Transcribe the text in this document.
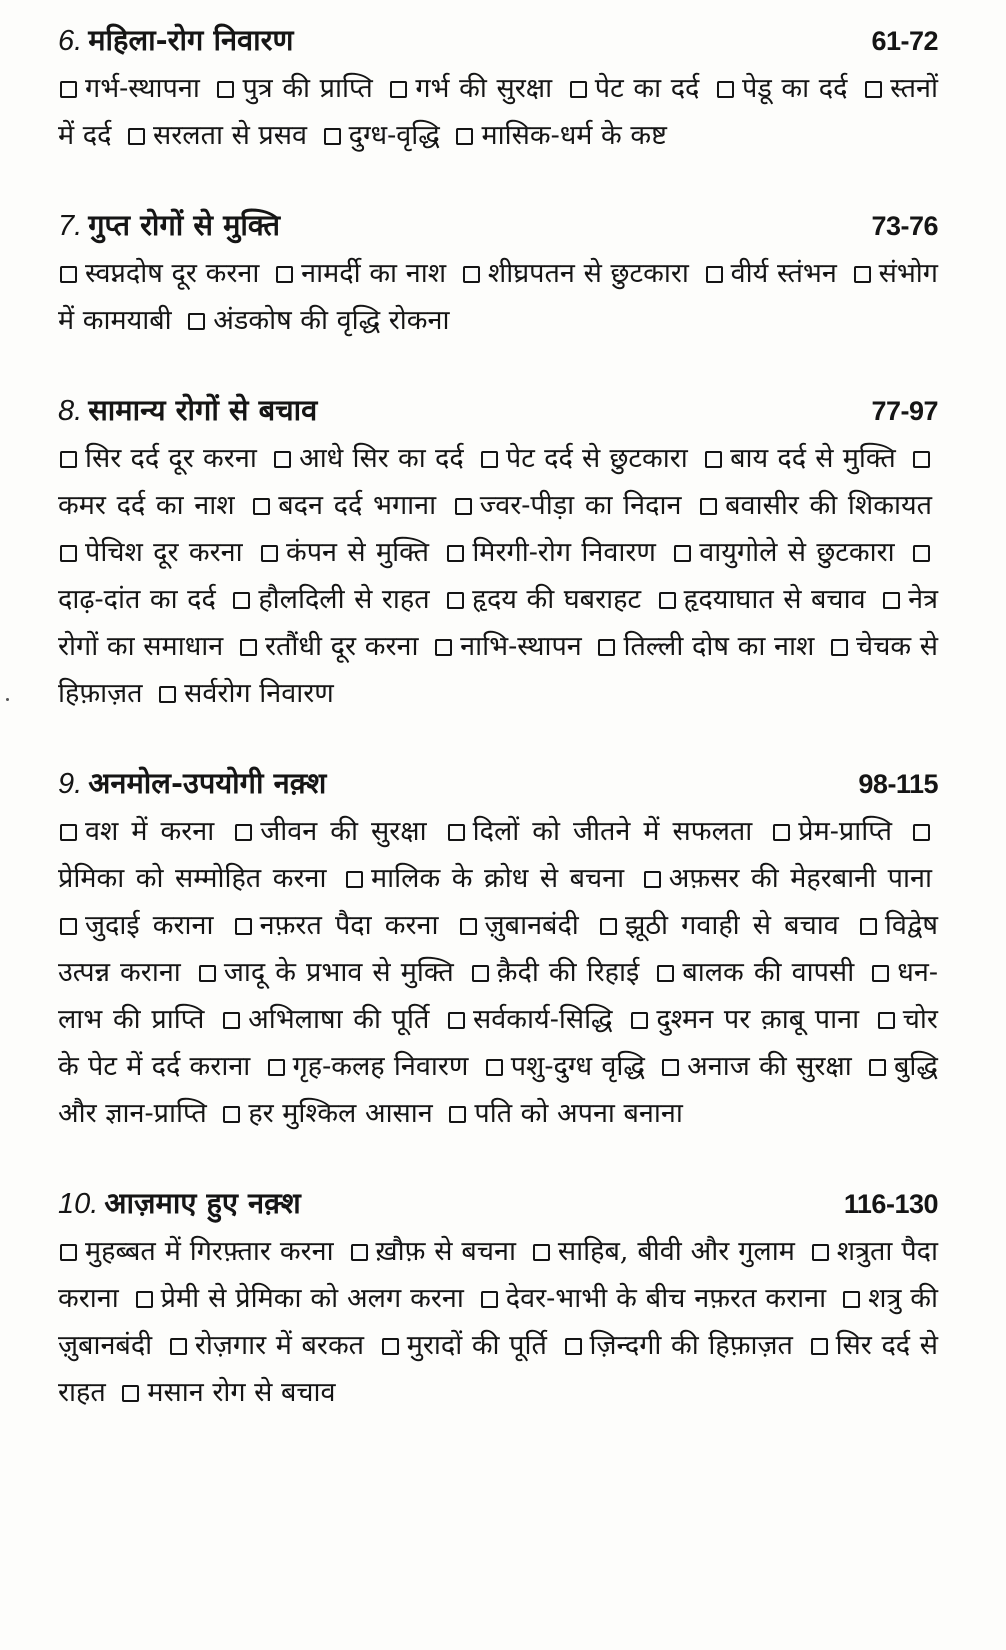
6. महिला-रोग निवारण	61-72
गर्भ-स्थापना पुत्र की प्राप्ति गर्भ की सुरक्षा पेट का दर्द पेडू का दर्द स्तनों में दर्द सरलता से प्रसव दुग्ध-वृद्धि मासिक-धर्म के कष्ट
7. गुप्त रोगों से मुक्ति	73-76
स्वप्नदोष दूर करना नामर्दी का नाश शीघ्रपतन से छुटकारा वीर्य स्तंभन संभोग में कामयाबी अंडकोष की वृद्धि रोकना
8. सामान्य रोगों से बचाव	77-97
सिर दर्द दूर करना आधे सिर का दर्द पेट दर्द से छुटकारा बाय दर्द से मुक्ति कमर दर्द का नाश बदन दर्द भगाना ज्वर-पीड़ा का निदान बवासीर की शिकायत पेचिश दूर करना कंपन से मुक्ति मिरगी-रोग निवारण वायुगोले से छुटकारा दाढ़-दांत का दर्द हौलदिली से राहत हृदय की घबराहट हृदयाघात से बचाव नेत्र रोगों का समाधान रतौंधी दूर करना नाभि-स्थापन तिल्ली दोष का नाश चेचक से हिफ़ाज़त सर्वरोग निवारण
9. अनमोल-उपयोगी नक़्श	98-115
वश में करना जीवन की सुरक्षा दिलों को जीतने में सफलता प्रेम-प्राप्ति प्रेमिका को सम्मोहित करना मालिक के क्रोध से बचना अफ़सर की मेहरबानी पाना जुदाई कराना नफ़रत पैदा करना ज़ुबानबंदी झूठी गवाही से बचाव विद्वेष उत्पन्न कराना जादू के प्रभाव से मुक्ति क़ैदी की रिहाई बालक की वापसी धन-लाभ की प्राप्ति अभिलाषा की पूर्ति सर्वकार्य-सिद्धि दुश्मन पर क़ाबू पाना चोर के पेट में दर्द कराना गृह-कलह निवारण पशु-दुग्ध वृद्धि अनाज की सुरक्षा बुद्धि और ज्ञान-प्राप्ति हर मुश्किल आसान पति को अपना बनाना
10. आज़माए हुए नक़्श	116-130
मुहब्बत में गिरफ़्तार करना ख़ौफ़ से बचना साहिब, बीवी और गुलाम शत्रुता पैदा कराना प्रेमी से प्रेमिका को अलग करना देवर-भाभी के बीच नफ़रत कराना शत्रु की ज़ुबानबंदी रोज़गार में बरकत मुरादों की पूर्ति ज़िन्दगी की हिफ़ाज़त सिर दर्द से राहत मसान रोग से बचाव
